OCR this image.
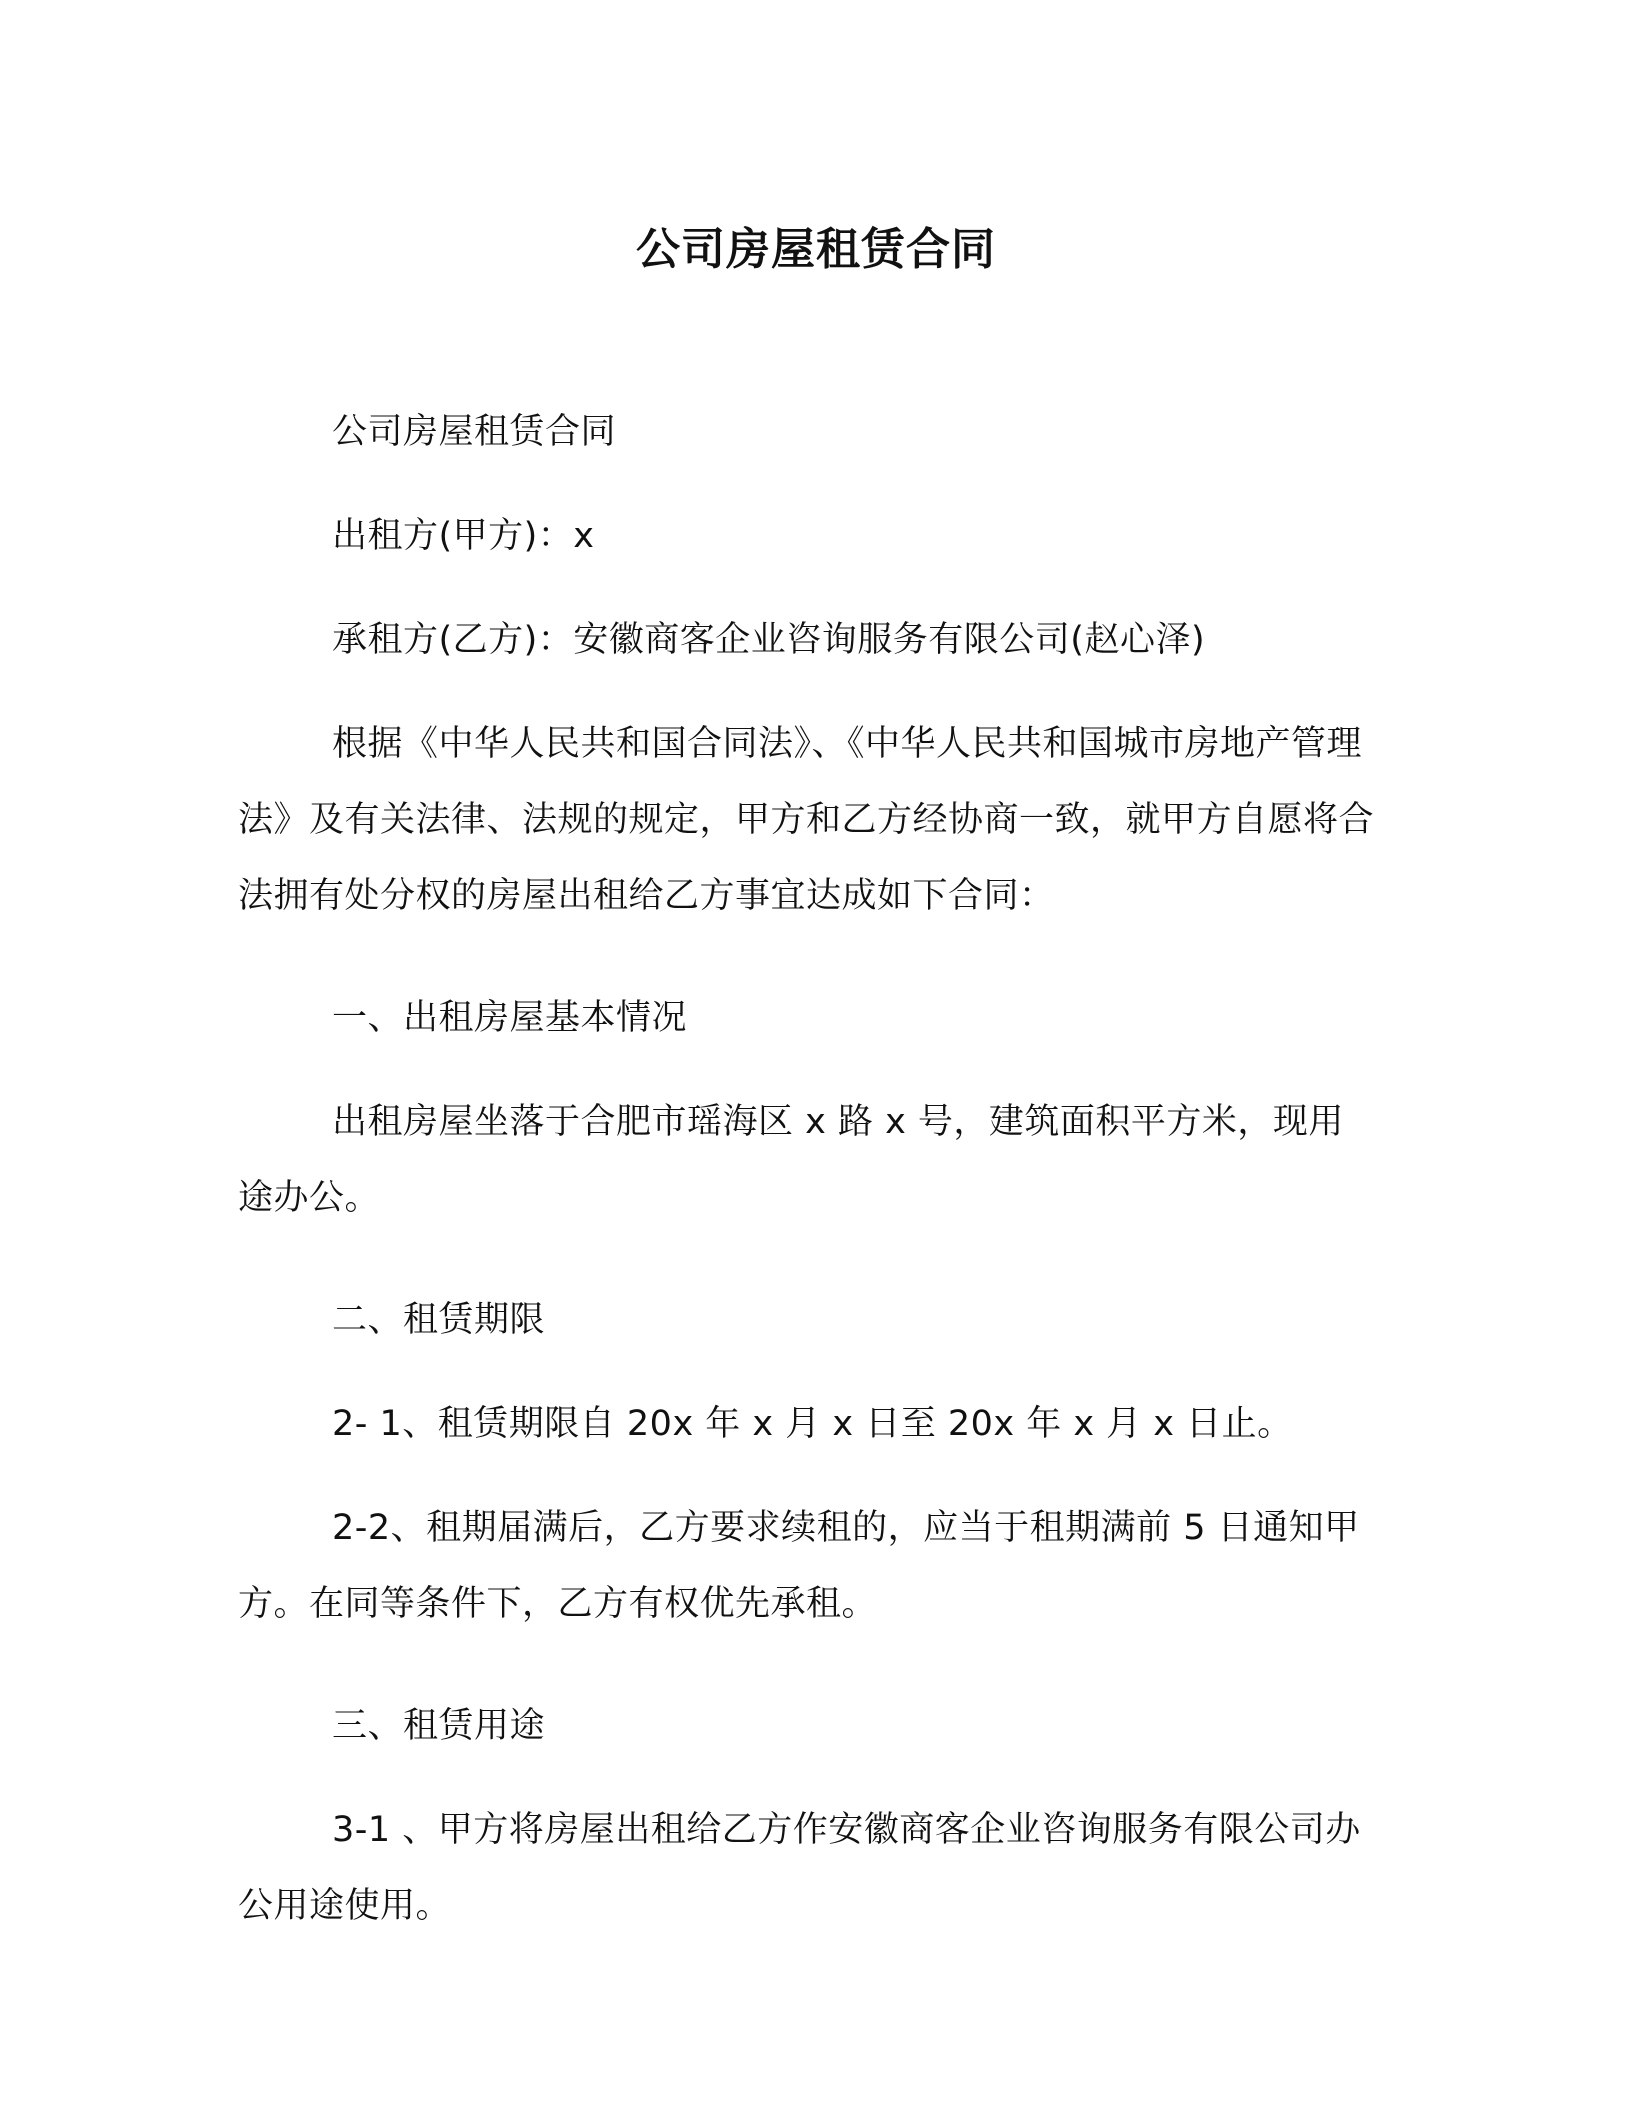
公司房屋租赁合同

公司房屋租赁合同

出租方(甲方)：x

承租方(乙方)：安徽商客企业咨询服务有限公司(赵心泽)

根据《中华人民共和国合同法》、《中华人民共和国城市房地产管理法》及有关法律、法规的规定，甲方和乙方经协商一致，就甲方自愿将合法拥有处分权的房屋出租给乙方事宜达成如下合同：

一、出租房屋基本情况

出租房屋坐落于合肥市瑶海区 x 路 x 号，建筑面积平方米，现用途办公。

二、租赁期限

2- 1、租赁期限自 20x 年 x 月 x 日至 20x 年 x 月 x 日止。

2-2、租期届满后，乙方要求续租的，应当于租期满前 5 日通知甲方。在同等条件下，乙方有权优先承租。

三、租赁用途

3-1 、甲方将房屋出租给乙方作安徽商客企业咨询服务有限公司办公用途使用。
